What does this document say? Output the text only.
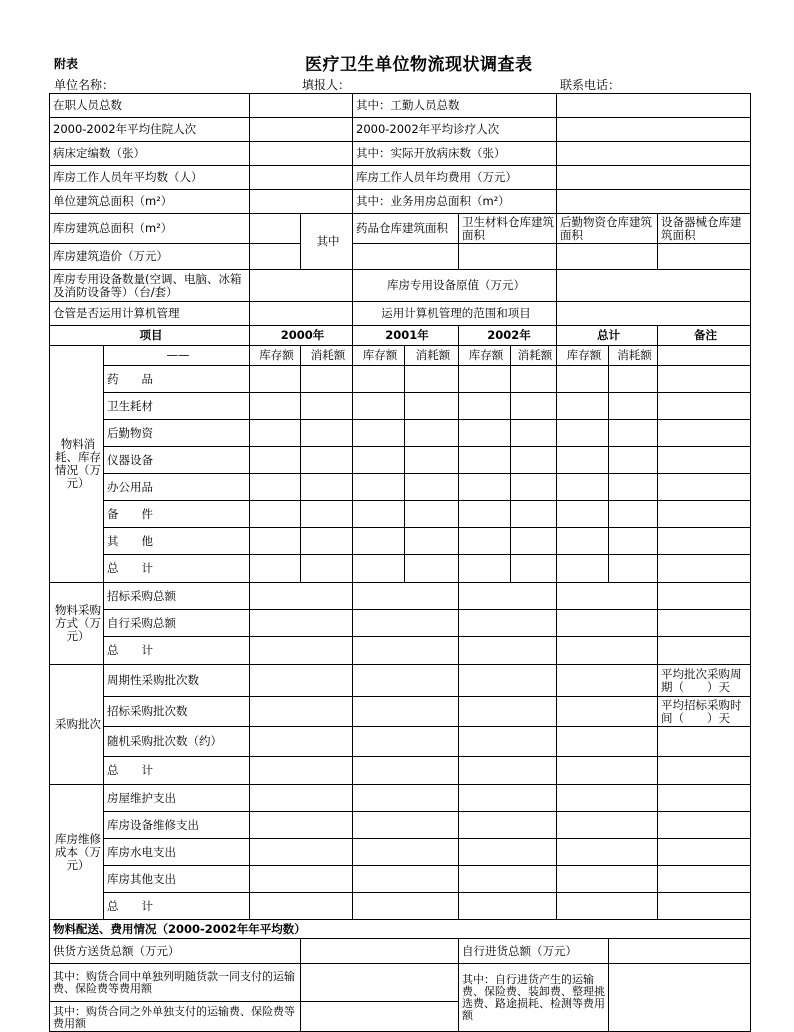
附表	医疗卫生单位物流现状调查表
单位名称：	填报人：	联系电话：
在职人员总数				其中：工勤人员总数						
2000-2002年平均住院人次				2000-2002年平均诊疗人次						
病床定编数（张）				其中：实际开放病床数（张）						
库房工作人员年平均数（人）				库房工作人员年均费用（万元）						
单位建筑总面积（m²）				其中：业务用房总面积（m²）						
库房建筑总面积（m²）			其中	药品仓库建筑面积		卫生材料仓库建筑面积		后勤物资仓库建筑面积		设备器械仓库建筑面积
库房建筑造价（万元）										
库房专用设备数量(空调、电脑、冰箱及消防设备等）（台/套）				库房专用设备原值（万元）						
仓管是否运用计算机管理				运用计算机管理的范围和项目						
项目		2000年		2001年		2002年		总计		备注
物料消耗、库存情况（万元）	——	库存额	消耗额	库存额	消耗额	库存额	消耗额	库存额	消耗额	
	药　　品									
	卫生耗材									
	后勤物资									
	仪器设备									
	办公用品									
	备　　件									
	其　　他									
	总　　计									
物料采购方式（万元）	招标采购总额									
	自行采购总额									
	总　　计									
采购批次	周期性采购批次数									平均批次采购周期（　　）天
	招标采购批次数									平均招标采购时间（　　）天
	随机采购批次数（约）									
	总　　计									
库房维修成本（万元）	房屋维护支出									
	库房设备维修支出									
	库房水电支出									
	库房其他支出									
	总　　计									
物料配送、费用情况（2000-2002年年平均数）										
供货方送货总额（万元）						自行进货总额（万元）				
其中：购货合同中单独列明随货款一同支付的运输费、保险费等费用额						其中：自行进货产生的运输费、保险费、装卸费、整理挑选费、路途损耗、检测等费用额				
其中：购货合同之外单独支付的运输费、保险费等费用额										
